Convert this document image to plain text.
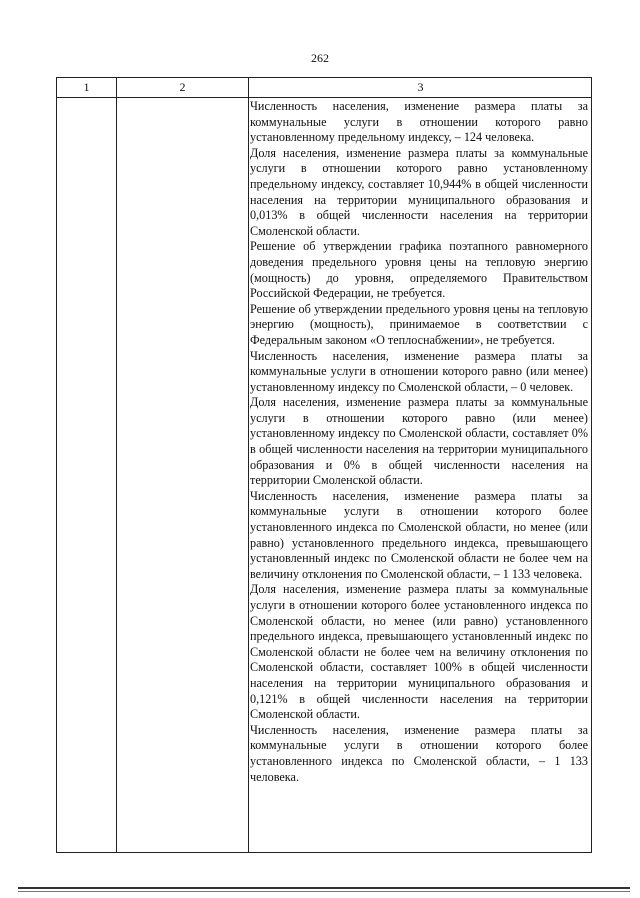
262
1	2	3

Численность населения, изменение размера платы за коммунальные услуги в отношении которого равно установленному предельному индексу, – 124 человека.

Доля населения, изменение размера платы за коммунальные услуги в отношении которого равно установленному предельному индексу, составляет 10,944% в общей численности населения на территории муниципального образования и 0,013% в общей численности населения на территории Смоленской области.

Решение об утверждении графика поэтапного равномерного доведения предельного уровня цены на тепловую энергию (мощность) до уровня, определяемого Правительством Российской Федерации, не требуется.

Решение об утверждении предельного уровня цены на тепловую энергию (мощность), принимаемое в соответствии с Федеральным законом «О теплоснабжении», не требуется.

Численность населения, изменение размера платы за коммунальные услуги в отношении которого равно (или менее) установленному индексу по Смоленской области, – 0 человек.

Доля населения, изменение размера платы за коммунальные услуги в отношении которого равно (или менее) установленному индексу по Смоленской области, составляет 0% в общей численности населения на территории муниципального образования и 0% в общей численности населения на территории Смоленской области.

Численность населения, изменение размера платы за коммунальные услуги в отношении которого более установленного индекса по Смоленской области, но менее (или равно) установленного предельного индекса, превышающего установленный индекс по Смоленской области не более чем на величину отклонения по Смоленской области, – 1 133 человека.

Доля населения, изменение размера платы за коммунальные услуги в отношении которого более установленного индекса по Смоленской области, но менее (или равно) установленного предельного индекса, превышающего установленный индекс по Смоленской области не более чем на величину отклонения по Смоленской области, составляет 100% в общей численности населения на территории муниципального образования и 0,121% в общей численности населения на территории Смоленской области.

Численность населения, изменение размера платы за коммунальные услуги в отношении которого более установленного индекса по Смоленской области, – 1 133 человека.
